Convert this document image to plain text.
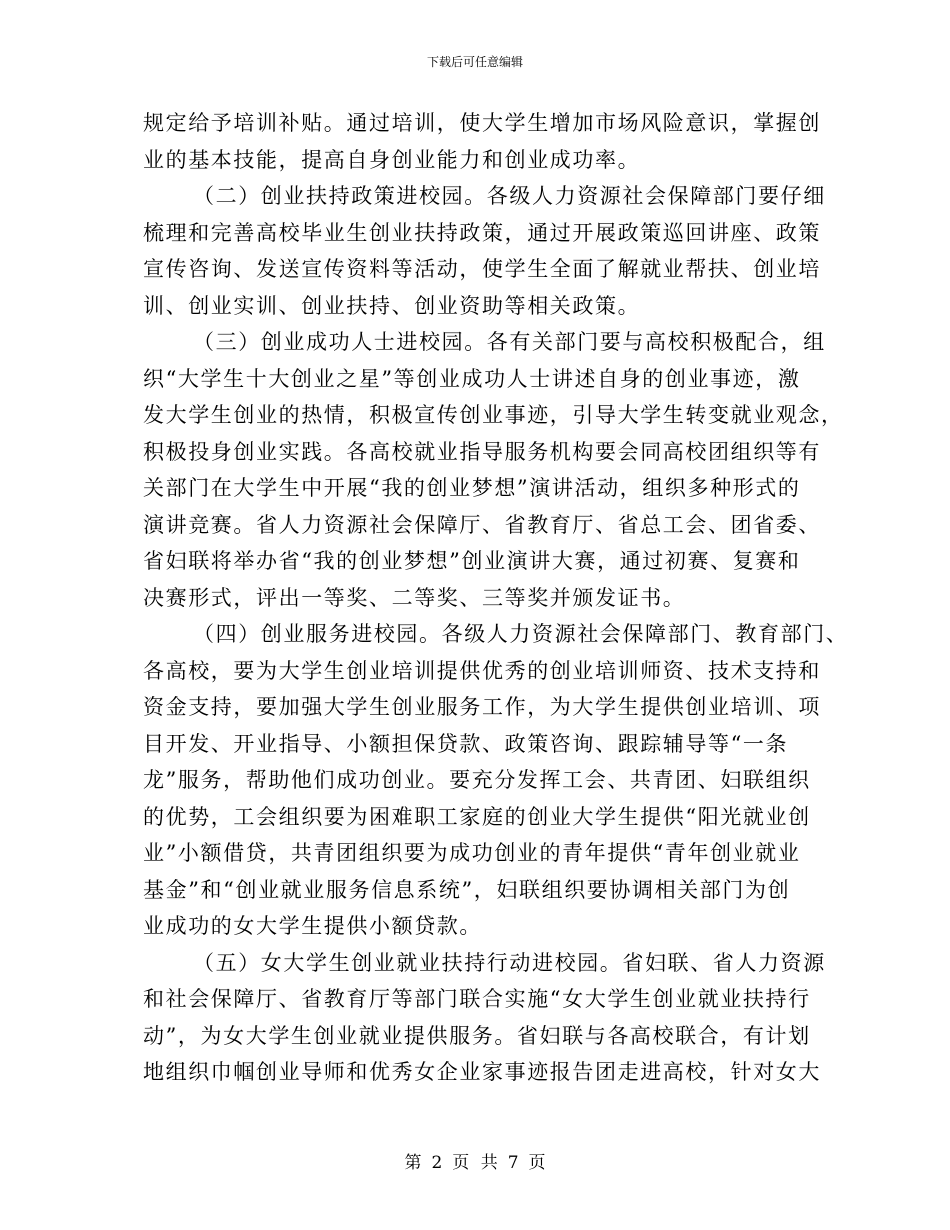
下载后可任意编辑

规定给予培训补贴。通过培训，使大学生增加市场风险意识，掌握创
业的基本技能，提高自身创业能力和创业成功率。

（二）创业扶持政策进校园。各级人力资源社会保障部门要仔细
梳理和完善高校毕业生创业扶持政策，通过开展政策巡回讲座、政策
宣传咨询、发送宣传资料等活动，使学生全面了解就业帮扶、创业培
训、创业实训、创业扶持、创业资助等相关政策。

（三）创业成功人士进校园。各有关部门要与高校积极配合，组
织“大学生十大创业之星”等创业成功人士讲述自身的创业事迹，激
发大学生创业的热情，积极宣传创业事迹，引导大学生转变就业观念，
积极投身创业实践。各高校就业指导服务机构要会同高校团组织等有
关部门在大学生中开展“我的创业梦想”演讲活动，组织多种形式的
演讲竞赛。省人力资源社会保障厅、省教育厅、省总工会、团省委、
省妇联将举办省“我的创业梦想”创业演讲大赛，通过初赛、复赛和
决赛形式，评出一等奖、二等奖、三等奖并颁发证书。

（四）创业服务进校园。各级人力资源社会保障部门、教育部门、
各高校，要为大学生创业培训提供优秀的创业培训师资、技术支持和
资金支持，要加强大学生创业服务工作，为大学生提供创业培训、项
目开发、开业指导、小额担保贷款、政策咨询、跟踪辅导等“一条
龙”服务，帮助他们成功创业。要充分发挥工会、共青团、妇联组织
的优势，工会组织要为困难职工家庭的创业大学生提供“阳光就业创
业”小额借贷，共青团组织要为成功创业的青年提供“青年创业就业
基金”和“创业就业服务信息系统”，妇联组织要协调相关部门为创
业成功的女大学生提供小额贷款。

（五）女大学生创业就业扶持行动进校园。省妇联、省人力资源
和社会保障厅、省教育厅等部门联合实施“女大学生创业就业扶持行
动”，为女大学生创业就业提供服务。省妇联与各高校联合，有计划
地组织巾帼创业导师和优秀女企业家事迹报告团走进高校，针对女大

第 2 页 共 7 页
